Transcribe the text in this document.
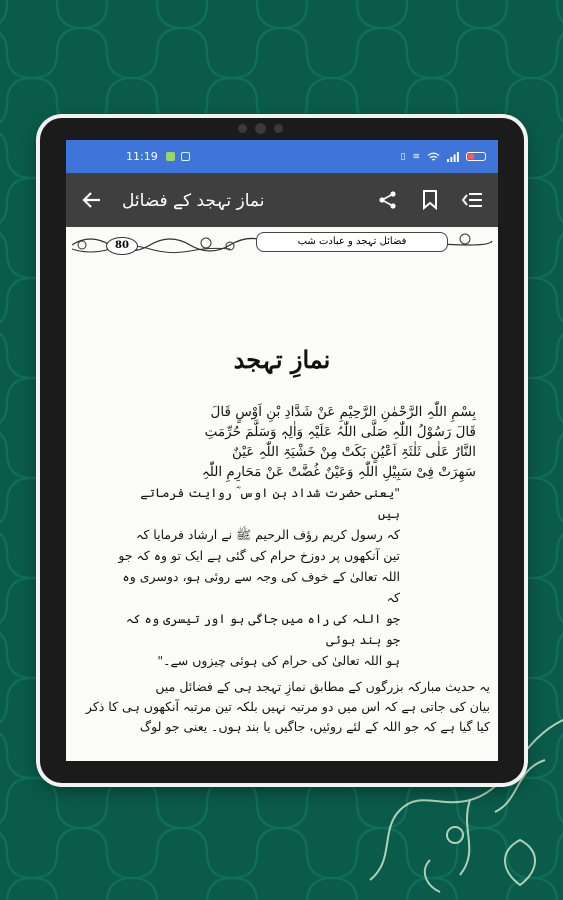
11:19	▯ ≋
نماز تہجد کے فضائل
80	فضائل تہجد و عبادت شب
نمازِ تہجد
بِسْمِ اللّٰہِ الرَّحْمٰنِ الرَّحِیْمِ عَنْ شَدَّادِ بْنِ اَوْسٍ قَالَ
قَالَ رَسُوْلُ اللّٰہِ صَلَّی اللّٰہُ عَلَیْہِ وَاٰلِہٖ وَسَلَّمَ حُرِّمَتِ
النَّارُ عَلٰی ثَلٰثَۃِ اَعْیُنٍ بَکَتْ مِنْ خَشْیَۃِ اللّٰہِ عَیْنٌ
سَھِرَتْ فِیْ سَبِیْلِ اللّٰہِ وَعَیْنٌ غُضَّتْ عَنْ مَحَارِمِ اللّٰہِ
"یعنی حضرت شداد بن اوس ؓ روایت فرماتے ہیں
کہ رسول کریم رؤف الرحیم ﷺ نے ارشاد فرمایا کہ
تین آنکھوں پر دوزخ حرام کی گئی ہے ایک تو وہ کہ جو
اللہ تعالیٰ کے خوف کی وجہ سے روئی ہو، دوسری وہ کہ
جو اللہ کی راہ میں جاگی ہو اور تیسری وہ کہ جو بند ہوئی
ہو اللہ تعالیٰ کی حرام کی ہوئی چیزوں سے۔"
یہ حدیث مبارکہ بزرگوں کے مطابق نمازِ تہجد ہی کے فضائل میں
بیان کی جاتی ہے کہ اس میں دو مرتبہ نہیں بلکہ تین مرتبہ آنکھوں ہی کا ذکر
کیا گیا ہے کہ جو اللہ کے لئے روئیں، جاگیں یا بند ہوں۔ یعنی جو لوگ
